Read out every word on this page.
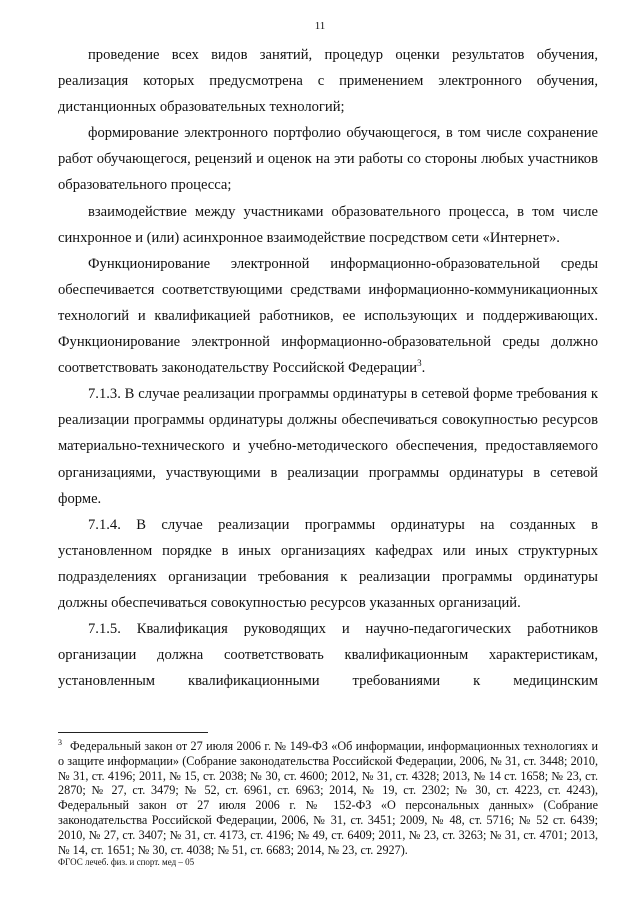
11

проведение всех видов занятий, процедур оценки результатов обучения, реализация которых предусмотрена с применением электронного обучения, дистанционных образовательных технологий;

формирование электронного портфолио обучающегося, в том числе сохранение работ обучающегося, рецензий и оценок на эти работы со стороны любых участников образовательного процесса;

взаимодействие между участниками образовательного процесса, в том числе синхронное и (или) асинхронное взаимодействие посредством сети «Интернет».

Функционирование электронной информационно-образовательной среды обеспечивается соответствующими средствами информационно-коммуникационных технологий и квалификацией работников, ее использующих и поддерживающих. Функционирование электронной информационно-образовательной среды должно соответствовать законодательству Российской Федерации$^3$.

7.1.3. В случае реализации программы ординатуры в сетевой форме требования к реализации программы ординатуры должны обеспечиваться совокупностью ресурсов материально-технического и учебно-методического обеспечения, предоставляемого организациями, участвующими в реализации программы ординатуры в сетевой форме.

7.1.4. В случае реализации программы ординатуры на созданных в установленном порядке в иных организациях кафедрах или иных структурных подразделениях организации требования к реализации программы ординатуры должны обеспечиваться совокупностью ресурсов указанных организаций.

7.1.5. Квалификация руководящих и научно-педагогических работников организации должна соответствовать квалификационным характеристикам, установленным квалификационными требованиями к медицинским

$^3$ Федеральный закон от 27 июля 2006 г. № 149-ФЗ «Об информации, информационных технологиях и о защите информации» (Собрание законодательства Российской Федерации, 2006, № 31, ст. 3448; 2010, № 31, ст. 4196; 2011, № 15, ст. 2038; № 30, ст. 4600; 2012, № 31, ст. 4328; 2013, № 14 ст. 1658; № 23, ст. 2870; № 27, ст. 3479; № 52, ст. 6961, ст. 6963; 2014, № 19, ст. 2302; № 30, ст. 4223, ст. 4243), Федеральный закон от 27 июля 2006 г. № 152-ФЗ «О персональных данных» (Собрание законодательства Российской Федерации, 2006, № 31, ст. 3451; 2009, № 48, ст. 5716; № 52 ст. 6439; 2010, № 27, ст. 3407; № 31, ст. 4173, ст. 4196; № 49, ст. 6409; 2011, № 23, ст. 3263; № 31, ст. 4701; 2013, № 14, ст. 1651; № 30, ст. 4038; № 51, ст. 6683; 2014, № 23, ст. 2927).
ФГОС лечеб. физ. и спорт. мед – 05
